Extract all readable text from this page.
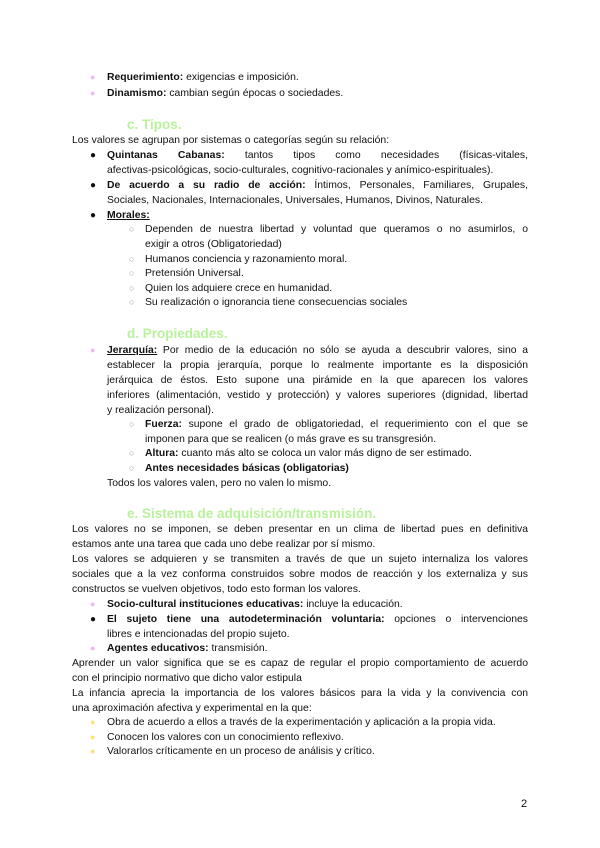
● Requerimiento: exigencias e imposición.
● Dinamismo: cambian según épocas o sociedades.
c. Tipos.
Los valores se agrupan por sistemas o categorías según su relación:
● Quintanas Cabanas: tantos tipos como necesidades (físicas-vitales,
afectivas-psicológicas, socio-culturales, cognitivo-racionales y anímico-espirituales).
● De acuerdo a su radio de acción: Íntimos, Personales, Familiares, Grupales,
Sociales, Nacionales, Internacionales, Universales, Humanos, Divinos, Naturales.
● Morales:
○ Dependen de nuestra libertad y voluntad que queramos o no asumirlos, o
exigir a otros (Obligatoriedad)
○ Humanos conciencia y razonamiento moral.
○ Pretensión Universal.
○ Quien los adquiere crece en humanidad.
○ Su realización o ignorancia tiene consecuencias sociales
d. Propiedades.
● Jerarquía: Por medio de la educación no sólo se ayuda a descubrir valores, sino a
establecer la propia jerarquía, porque lo realmente importante es la disposición
jerárquica de éstos. Esto supone una pirámide en la que aparecen los valores
inferiores (alimentación, vestido y protección) y valores superiores (dignidad, libertad
y realización personal).
○ Fuerza: supone el grado de obligatoriedad, el requerimiento con el que se
imponen para que se realicen (o más grave es su transgresión.
○ Altura: cuanto más alto se coloca un valor más digno de ser estimado.
○ Antes necesidades básicas (obligatorias)
Todos los valores valen, pero no valen lo mismo.
e. Sistema de adquisición/transmisión.
Los valores no se imponen, se deben presentar en un clima de libertad pues en definitiva
estamos ante una tarea que cada uno debe realizar por sí mismo.
Los valores se adquieren y se transmiten a través de que un sujeto internaliza los valores
sociales que a la vez conforma construidos sobre modos de reacción y los externaliza y sus
constructos se vuelven objetivos, todo esto forman los valores.
● Socio-cultural instituciones educativas: incluye la educación.
● El sujeto tiene una autodeterminación voluntaria: opciones o intervenciones
libres e intencionadas del propio sujeto.
● Agentes educativos: transmisión.
Aprender un valor significa que se es capaz de regular el propio comportamiento de acuerdo
con el principio normativo que dicho valor estipula
La infancia aprecia la importancia de los valores básicos para la vida y la convivencia con
una aproximación afectiva y experimental en la que:
● Obra de acuerdo a ellos a través de la experimentación y aplicación a la propia vida.
● Conocen los valores con un conocimiento reflexivo.
● Valorarlos críticamente en un proceso de análisis y crítico.
2
